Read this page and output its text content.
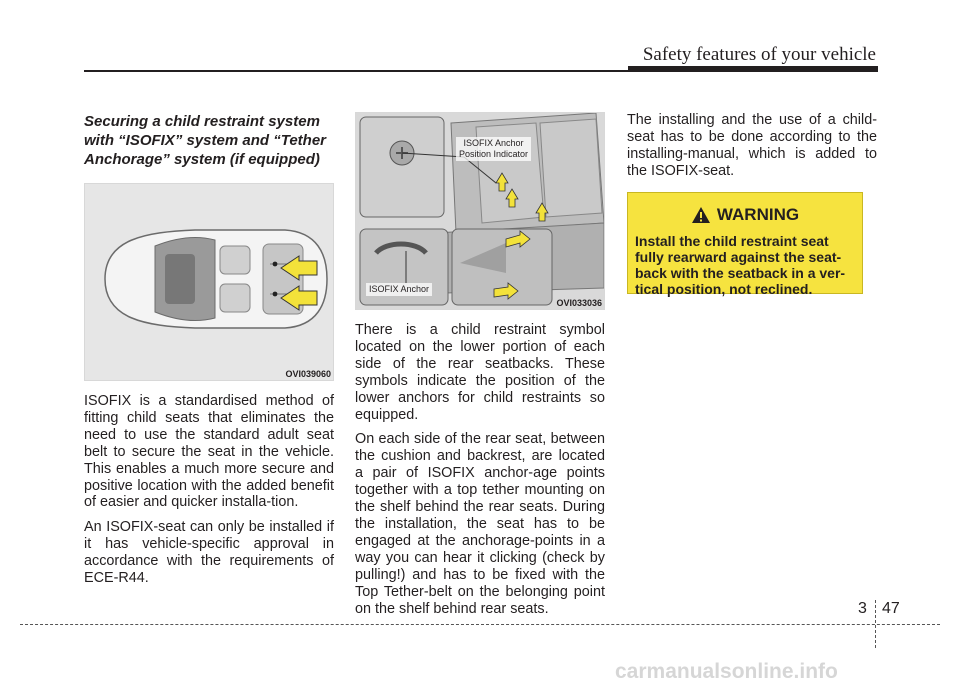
Safety features of your vehicle
Securing a child restraint system with “ISOFIX” system and “Tether Anchorage” system (if equipped)
OVI039060

ISOFIX is a standardised method of fitting child seats that eliminates the need to use the standard adult seat belt to secure the seat in the vehicle. This enables a much more secure and positive location with the added benefit of easier and quicker installa-tion.

An ISOFIX-seat can only be installed if it has vehicle-specific approval in accordance with the requirements of ECE-R44.

ISOFIX Anchor
Position Indicator
ISOFIX Anchor
OVI033036

There is a child restraint symbol located on the lower portion of each side of the rear seatbacks. These symbols indicate the position of the lower anchors for child restraints so equipped.

On each side of the rear seat, between the cushion and backrest, are located a pair of ISOFIX anchor-age points together with a top tether mounting on the shelf behind the rear seats. During the installation, the seat has to be engaged at the anchorage-points in a way you can hear it clicking (check by pulling!) and has to be fixed with the Top Tether-belt on the belonging point on the shelf behind rear seats.

The installing and the use of a child-seat has to be done according to the installing-manual, which is added to the ISOFIX-seat.

WARNING
Install the child restraint seat fully rearward against the seat-back with the seatback in a ver-tical position, not reclined.
3 47
carmanualsonline.info
